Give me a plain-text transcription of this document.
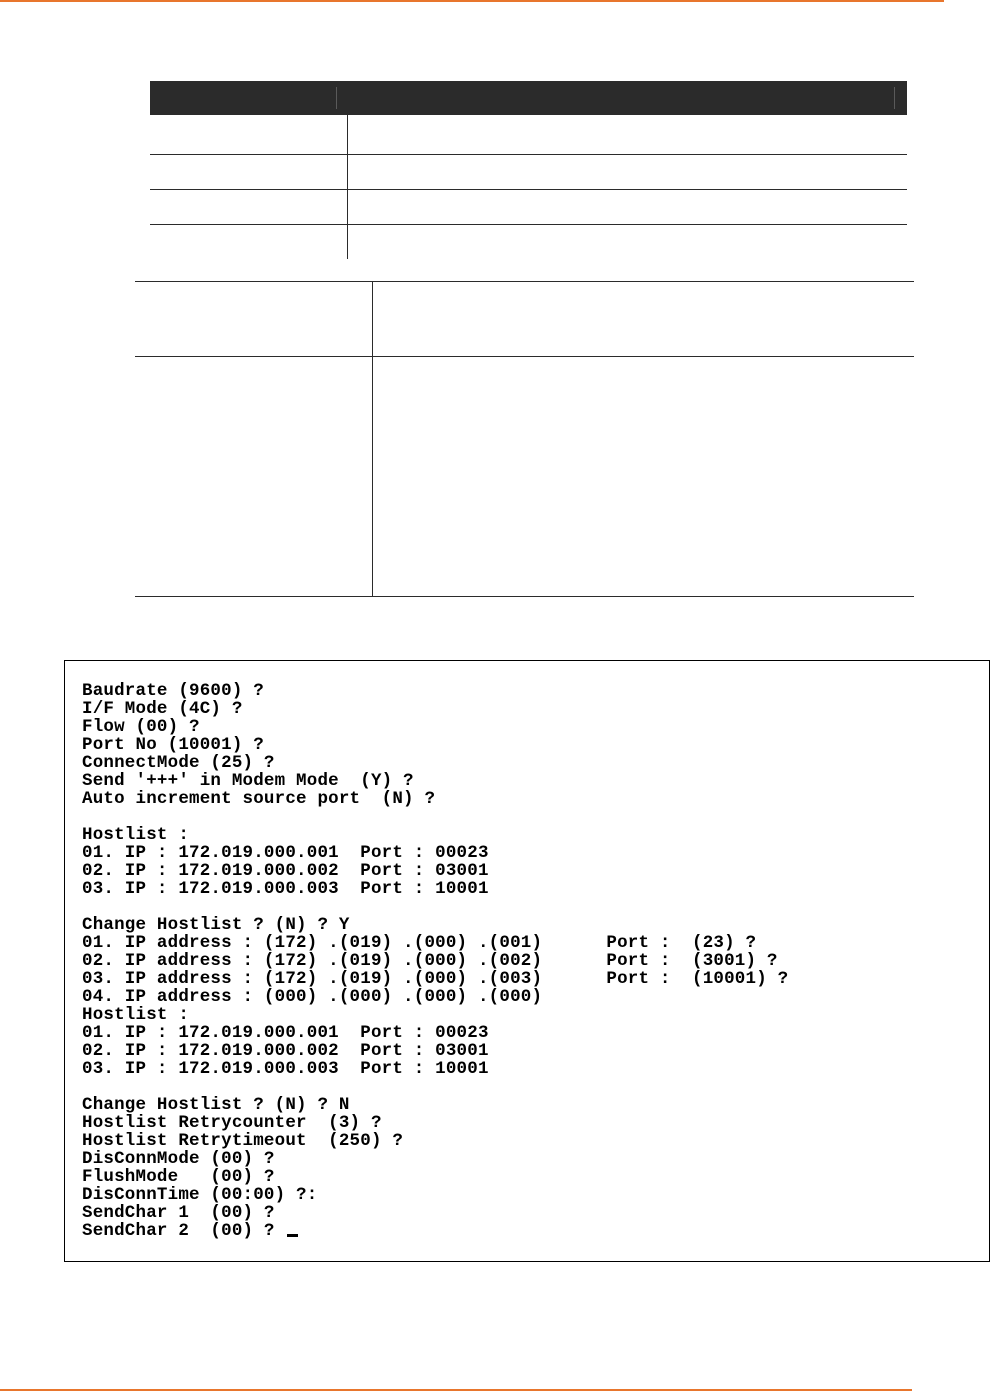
Baudrate (9600) ?
I/F Mode (4C) ?
Flow (00) ?
Port No (10001) ?
ConnectMode (25) ?
Send '+++' in Modem Mode  (Y) ?
Auto increment source port  (N) ?

Hostlist :
01. IP : 172.019.000.001  Port : 00023
02. IP : 172.019.000.002  Port : 03001
03. IP : 172.019.000.003  Port : 10001

Change Hostlist ? (N) ? Y
01. IP address : (172) .(019) .(000) .(001)      Port :  (23) ?
02. IP address : (172) .(019) .(000) .(002)      Port :  (3001) ?
03. IP address : (172) .(019) .(000) .(003)      Port :  (10001) ?
04. IP address : (000) .(000) .(000) .(000)
Hostlist :
01. IP : 172.019.000.001  Port : 00023
02. IP : 172.019.000.002  Port : 03001
03. IP : 172.019.000.003  Port : 10001

Change Hostlist ? (N) ? N
Hostlist Retrycounter  (3) ?
Hostlist Retrytimeout  (250) ?
DisConnMode (00) ?
FlushMode   (00) ?
DisConnTime (00:00) ?:
SendChar 1  (00) ?
SendChar 2  (00) ?
